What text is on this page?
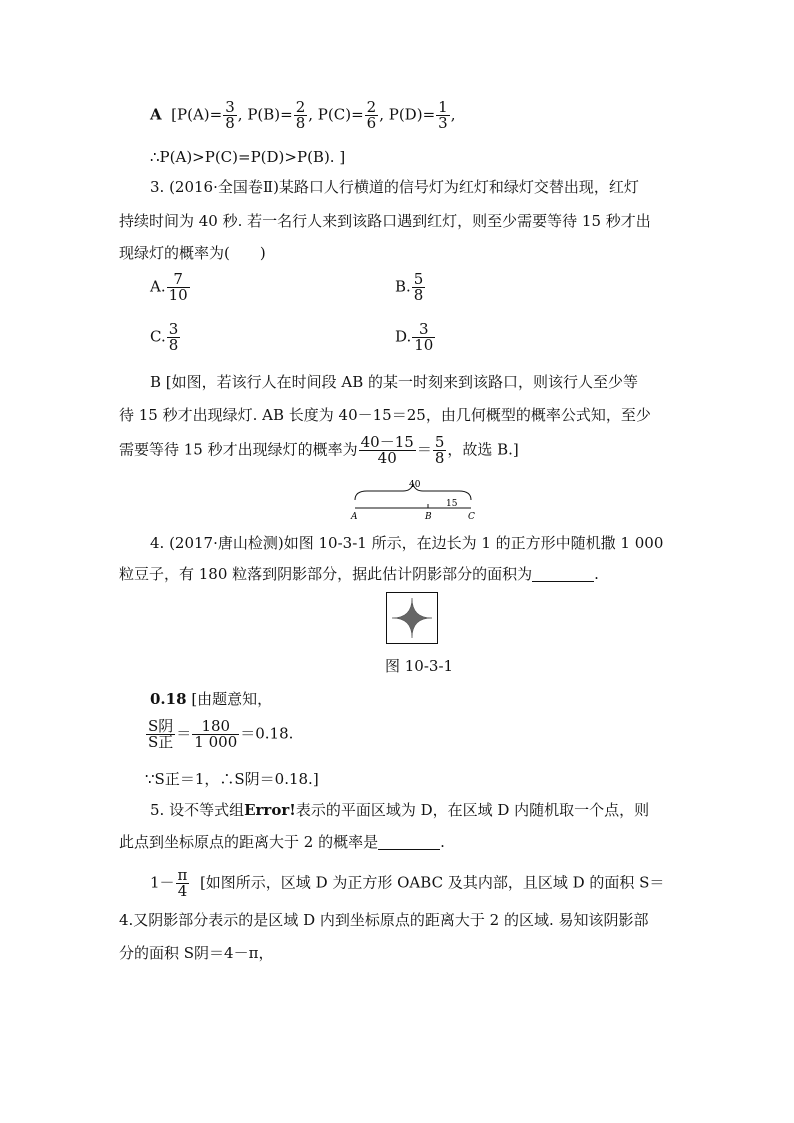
A  [$P(A)= \frac{3}{8}$ , $P(B)= \frac{2}{8}$ , $P(C)= \frac{2}{6}$ , $P(D)= \frac{1}{3}$ ,
∴P(A)>P(C)=P(D)>P(B). ]
3. (2016·全国卷Ⅱ)某路口人行横道的信号灯为红灯和绿灯交替出现，红灯
持续时间为 40 秒. 若一名行人来到该路口遇到红灯，则至少需要等待 15 秒才出
现绿灯的概率为(　　)
A. $\frac{7}{10}$	B. $\frac{5}{8}$
C. $\frac{3}{8}$	D. $\frac{3}{10}$
B [如图，若该行人在时间段 AB 的某一时刻来到该路口，则该行人至少等
待 15 秒才出现绿灯. AB 长度为 40－15＝25，由几何概型的概率公式知，至少
需要等待 15 秒才出现绿灯的概率为 $\frac{40-15}{40} = \frac{5}{8}$ ，故选 B.]
40
15
A	B	C
4. (2017·唐山检测)如图 10-3-1 所示，在边长为 1 的正方形中随机撒 1 000
粒豆子，有 180 粒落到阴影部分，据此估计阴影部分的面积为	.
图 10-3-1
0.18 [由题意知，
$\frac{\text{S阴}}{\text{S正}} = \frac{180}{1 000} =0.18$.
∵S正＝1，∴S阴＝0.18.]
5. 设不等式组Error!表示的平面区域为 D，在区域 D 内随机取一个点，则
此点到坐标原点的距离大于 2 的概率是	.
$1- \frac{\pi}{4}$ [如图所示，区域 D 为正方形 OABC 及其内部，且区域 D 的面积 S＝
4.又阴影部分表示的是区域 D 内到坐标原点的距离大于 2 的区域. 易知该阴影部
分的面积 S阴＝4－π，
